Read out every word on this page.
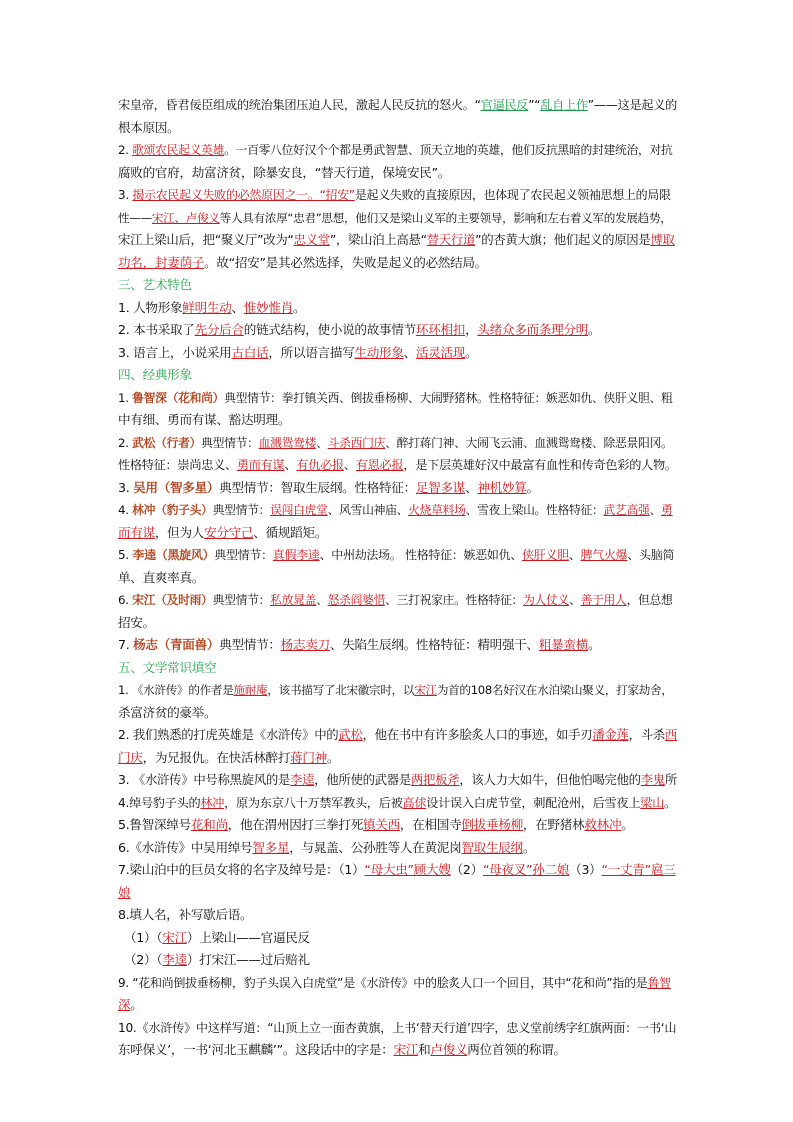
宋皇帝，昏君佞臣组成的统治集团压迫人民，激起人民反抗的怒火。“官逼民反”“乱自上作”——这是起义的
根本原因。
2. 歌颂农民起义英雄。一百零八位好汉个个都是勇武智慧、顶天立地的英雄，他们反抗黑暗的封建统治，对抗
腐败的官府，劫富济贫，除暴安良，“替天行道，保境安民”。
3. 揭示农民起义失败的必然原因之一。“招安”是起义失败的直接原因，也体现了农民起义领袖思想上的局限
性——宋江、卢俊义等人具有浓厚“忠君”思想，他们又是梁山义军的主要领导，影响和左右着义军的发展趋势，
宋江上梁山后，把“聚义厅”改为“忠义堂”，梁山泊上高悬“替天行道”的杏黄大旗；他们起义的原因是博取
功名，封妻荫子。故“招安”是其必然选择，失败是起义的必然结局。
三、艺术特色
1. 人物形象鲜明生动、惟妙惟肖。
2. 本书采取了先分后合的链式结构，使小说的故事情节环环相扣，头绪众多而条理分明。
3. 语言上，小说采用古白话，所以语言描写生动形象、活灵活现。
四、经典形象
1. 鲁智深（花和尚）典型情节：拳打镇关西、倒拔垂杨柳、大闹野猪林。性格特征：嫉恶如仇、侠肝义胆、粗
中有细、勇而有谋、豁达明理。
2. 武松（行者）典型情节：血溅鸳鸯楼、斗杀西门庆、醉打蒋门神、大闹飞云浦、血溅鸳鸯楼、除恶景阳冈。
性格特征：崇尚忠义、勇而有谋、有仇必报、有恩必报，是下层英雄好汉中最富有血性和传奇色彩的人物。
3. 吴用（智多星）典型情节：智取生辰纲。性格特征：足智多谋、神机妙算。
4. 林冲（豹子头）典型情节：误闯白虎堂、风雪山神庙、火烧草料场、雪夜上梁山。性格特征：武艺高强、勇
而有谋，但为人安分守己、循规蹈矩。
5. 李逵（黑旋风）典型情节：真假李逵、中州劫法场。 性格特征：嫉恶如仇、侠肝义胆、脾气火爆、头脑简
单、直爽率真。
6. 宋江（及时雨）典型情节：私放晁盖、怒杀阎婆惜、三打祝家庄。性格特征：为人仗义、善于用人，但总想
招安。
7. 杨志（青面兽）典型情节：杨志卖刀、失陷生辰纲。性格特征：精明强干、粗暴蛮横。
五、文学常识填空
1. 《水浒传》的作者是施耐庵，该书描写了北宋徽宗时，以宋江为首的108名好汉在水泊梁山聚义，打家劫舍，
杀富济贫的豪举。
2. 我们熟悉的打虎英雄是《水浒传》中的武松，他在书中有许多脍炙人口的事迹，如手刃潘金莲，斗杀西
门庆，为兄报仇。在快活林醉打蒋门神。
3. 《水浒传》中号称黑旋风的是李逵，他所使的武器是两把板斧，该人力大如牛，但他怕喝完他的李鬼所
4.绰号豹子头的林冲，原为东京八十万禁军教头，后被高俅设计误入白虎节堂，刺配沧州，后雪夜上梁山。
5.鲁智深绰号花和尚，他在渭州因打三拳打死镇关西，在相国寺倒拔垂杨柳，在野猪林救林冲。
6.《水浒传》中吴用绰号智多星，与晁盖、公孙胜等人在黄泥岗智取生辰纲。
7.梁山泊中的巨员女将的名字及绰号是：（1）“母大虫”顾大嫂（2）“母夜叉”孙二娘（3）“一丈青”扈三
娘
8.填人名，补写歇后语。
（1）（宋江）上梁山——官逼民反
（2）（李逵）打宋江——过后赔礼
9. “花和尚倒拔垂杨柳，豹子头误入白虎堂”是《水浒传》中的脍炙人口一个回目，其中“花和尚”指的是鲁智
深。
10.《水浒传》中这样写道：“山顶上立一面杏黄旗，上书‘替天行道’四字，忠义堂前绣字红旗两面：一书‘山
东呼保义’，一书‘河北玉麒麟’”。这段话中的字是：宋江和卢俊义两位首领的称谓。
